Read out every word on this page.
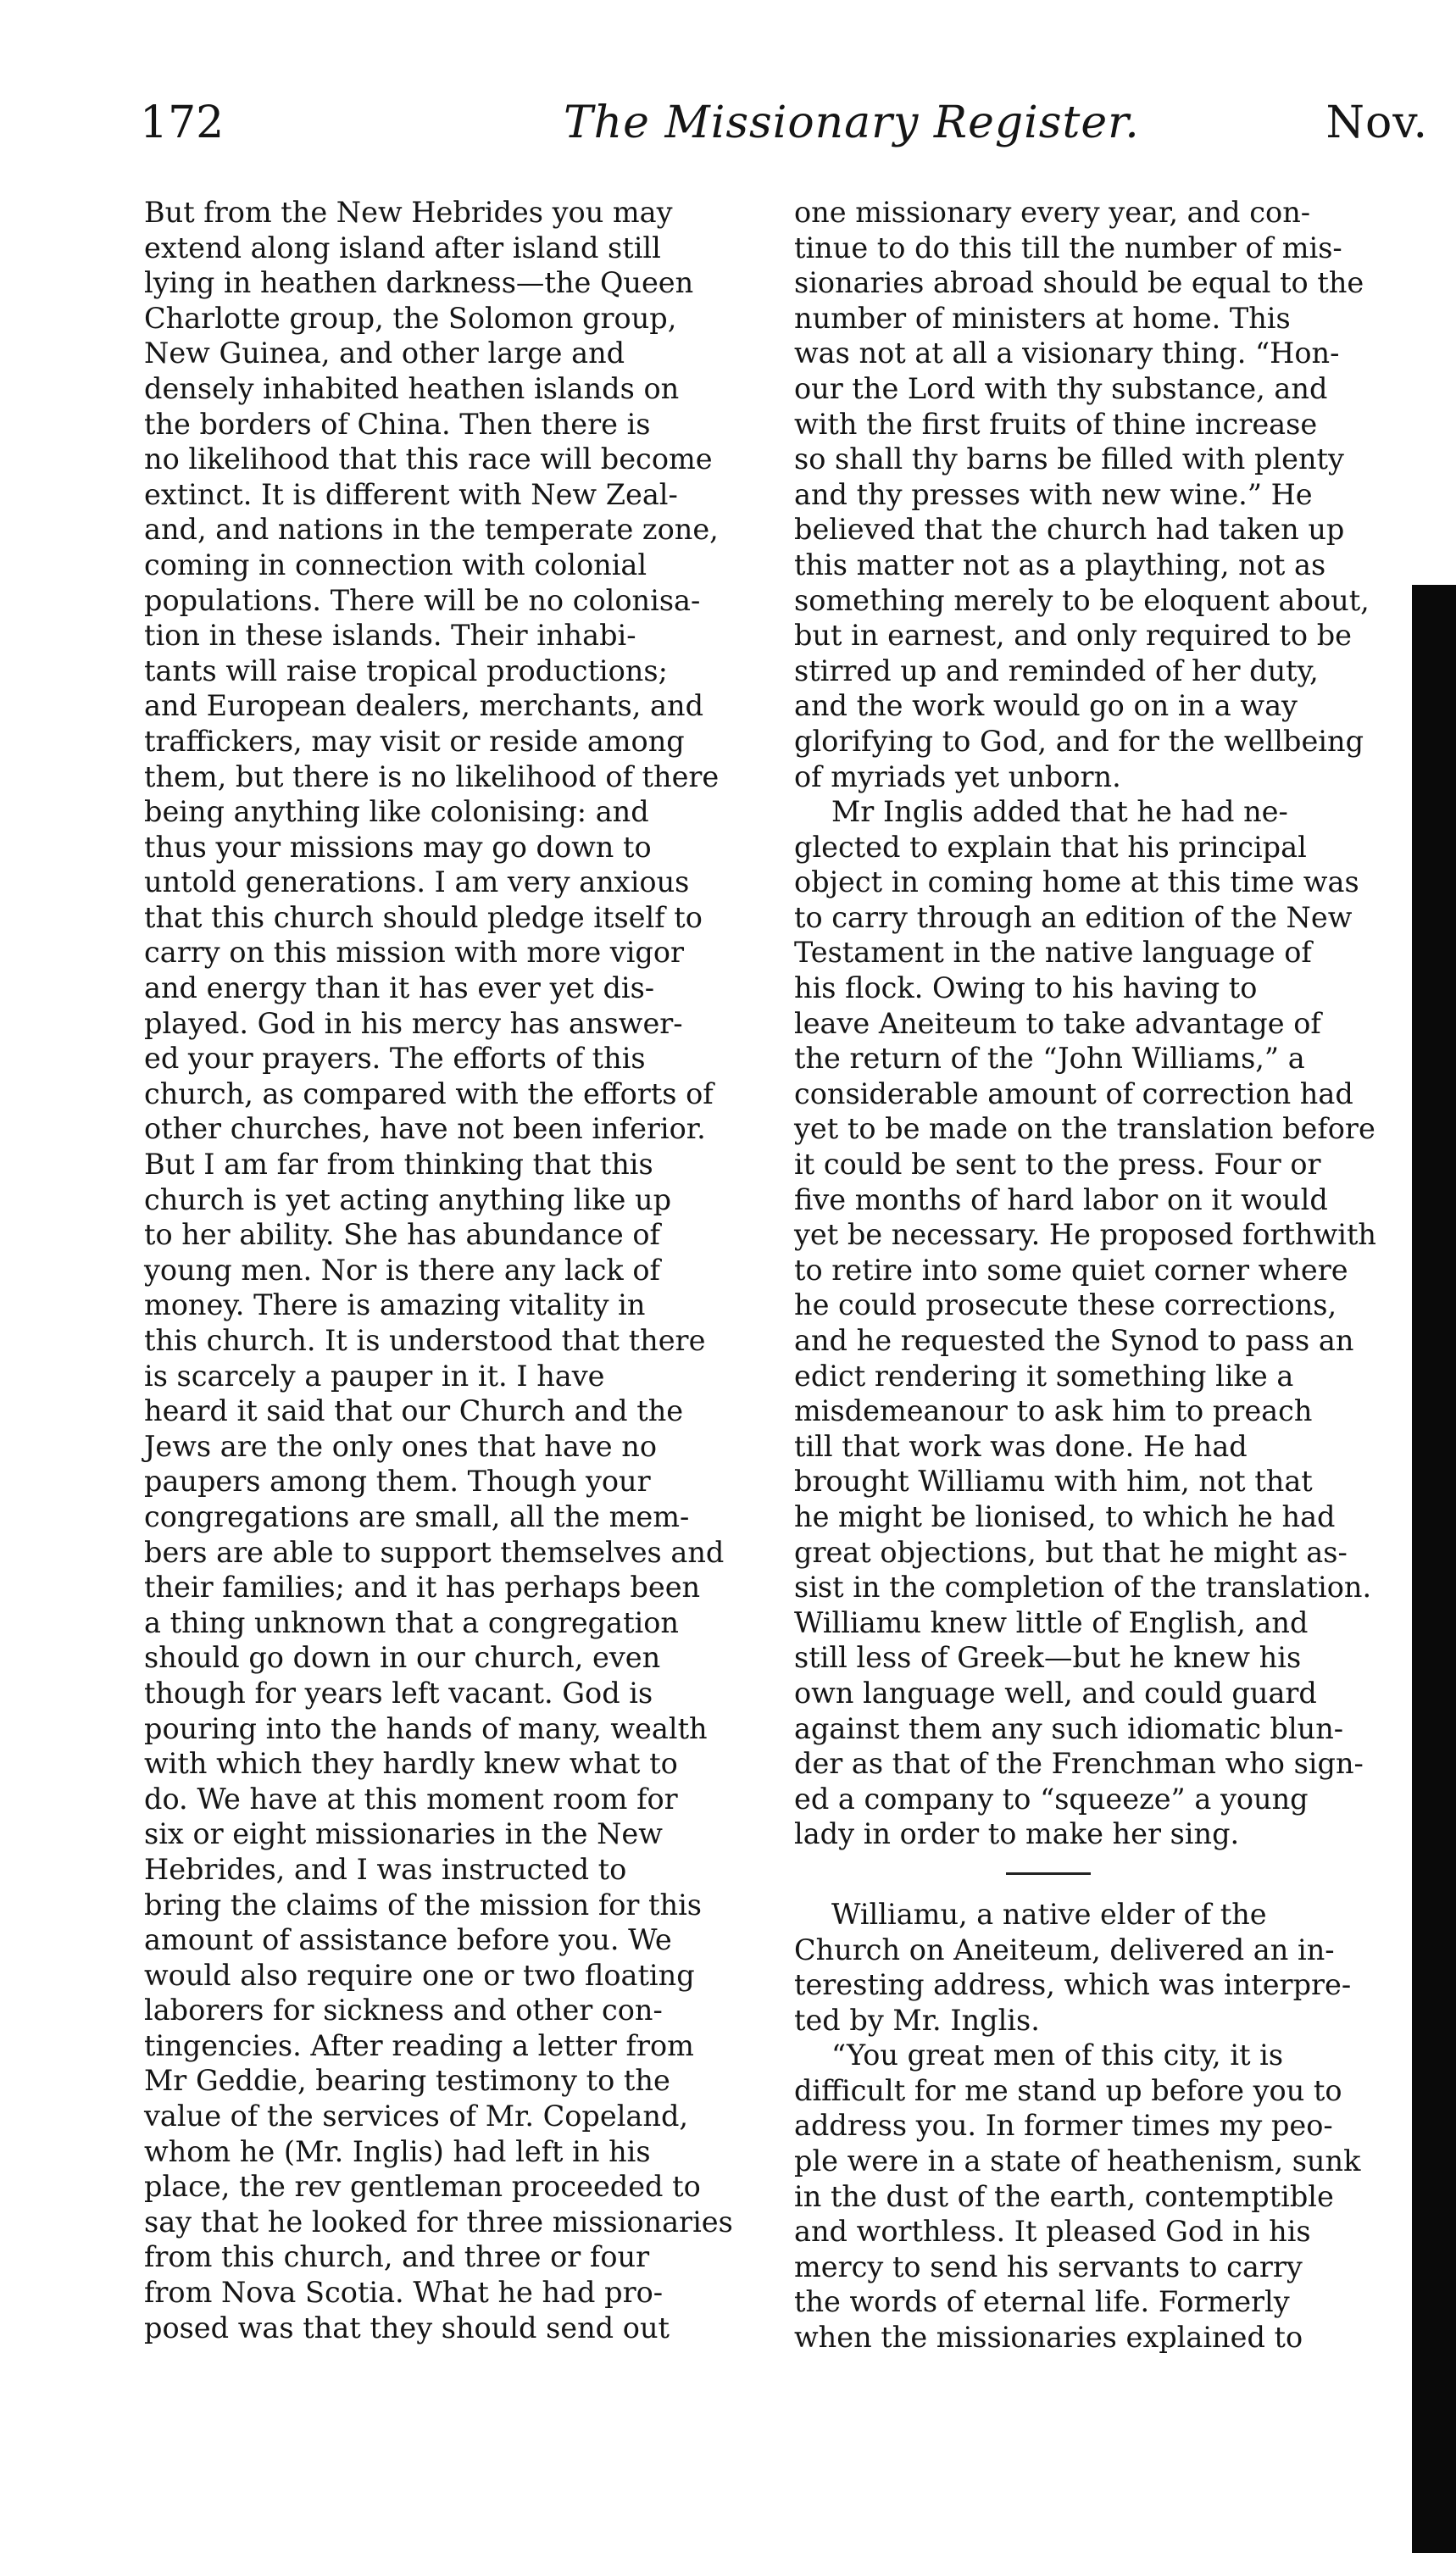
172	The Missionary Register.	Nov.
But from the New Hebrides you may
extend along island after island still
lying in heathen darkness—the Queen
Charlotte group, the Solomon group,
New Guinea, and other large and
densely inhabited heathen islands on
the borders of China. Then there is
no likelihood that this race will become
extinct. It is different with New Zeal-
and, and nations in the temperate zone,
coming in connection with colonial
populations. There will be no colonisa-
tion in these islands. Their inhabi-
tants will raise tropical productions;
and European dealers, merchants, and
traffickers, may visit or reside among
them, but there is no likelihood of there
being anything like colonising: and
thus your missions may go down to
untold generations. I am very anxious
that this church should pledge itself to
carry on this mission with more vigor
and energy than it has ever yet dis-
played. God in his mercy has answer-
ed your prayers. The efforts of this
church, as compared with the efforts of
other churches, have not been inferior.
But I am far from thinking that this
church is yet acting anything like up
to her ability. She has abundance of
young men. Nor is there any lack of
money. There is amazing vitality in
this church. It is understood that there
is scarcely a pauper in it. I have
heard it said that our Church and the
Jews are the only ones that have no
paupers among them. Though your
congregations are small, all the mem-
bers are able to support themselves and
their families; and it has perhaps been
a thing unknown that a congregation
should go down in our church, even
though for years left vacant. God is
pouring into the hands of many, wealth
with which they hardly knew what to
do. We have at this moment room for
six or eight missionaries in the New
Hebrides, and I was instructed to
bring the claims of the mission for this
amount of assistance before you. We
would also require one or two floating
laborers for sickness and other con-
tingencies. After reading a letter from
Mr Geddie, bearing testimony to the
value of the services of Mr. Copeland,
whom he (Mr. Inglis) had left in his
place, the rev gentleman proceeded to
say that he looked for three missionaries
from this church, and three or four
from Nova Scotia. What he had pro-
posed was that they should send out
one missionary every year, and con-
tinue to do this till the number of mis-
sionaries abroad should be equal to the
number of ministers at home. This
was not at all a visionary thing. “Hon-
our the Lord with thy substance, and
with the first fruits of thine increase
so shall thy barns be filled with plenty
and thy presses with new wine.” He
believed that the church had taken up
this matter not as a plaything, not as
something merely to be eloquent about,
but in earnest, and only required to be
stirred up and reminded of her duty,
and the work would go on in a way
glorifying to God, and for the wellbeing
of myriads yet unborn.
Mr Inglis added that he had ne-
glected to explain that his principal
object in coming home at this time was
to carry through an edition of the New
Testament in the native language of
his flock. Owing to his having to
leave Aneiteum to take advantage of
the return of the “John Williams,” a
considerable amount of correction had
yet to be made on the translation before
it could be sent to the press. Four or
five months of hard labor on it would
yet be necessary. He proposed forthwith
to retire into some quiet corner where
he could prosecute these corrections,
and he requested the Synod to pass an
edict rendering it something like a
misdemeanour to ask him to preach
till that work was done. He had
brought Williamu with him, not that
he might be lionised, to which he had
great objections, but that he might as-
sist in the completion of the translation.
Williamu knew little of English, and
still less of Greek—but he knew his
own language well, and could guard
against them any such idiomatic blun-
der as that of the Frenchman who sign-
ed a company to “squeeze” a young
lady in order to make her sing.
Williamu, a native elder of the
Church on Aneiteum, delivered an in-
teresting address, which was interpre-
ted by Mr. Inglis.
“You great men of this city, it is
difficult for me stand up before you to
address you. In former times my peo-
ple were in a state of heathenism, sunk
in the dust of the earth, contemptible
and worthless. It pleased God in his
mercy to send his servants to carry
the words of eternal life. Formerly
when the missionaries explained to
